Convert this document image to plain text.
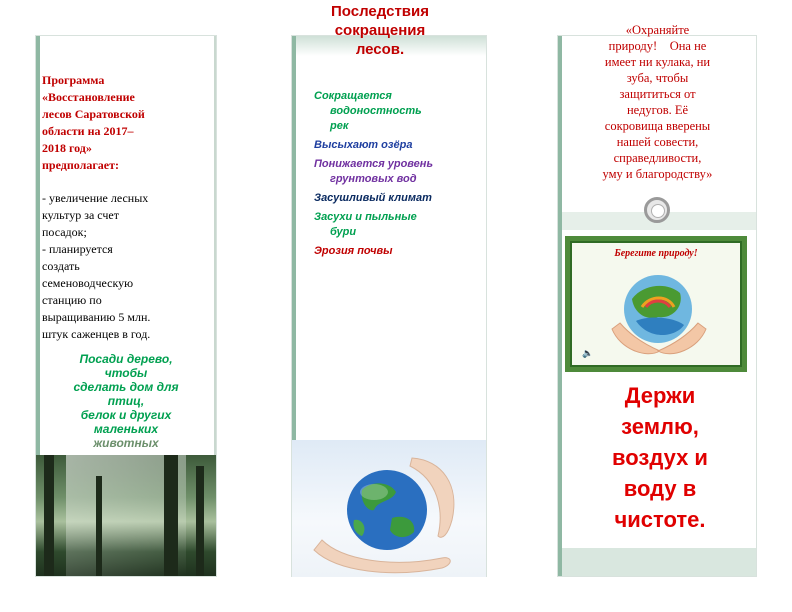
Программа
«Восстановление
лесов Саратовской
области на 2017–
2018 год»
предполагает:
- увеличение лесных
культур за счет
посадок;
- планируется
создать
семеноводческую
станцию по
выращиванию 5 млн.
штук саженцев в год.
Посади дерево,
чтобы
сделать дом для
птиц,
белок и других
маленьких
животных
Последствия
сокращения
лесов.
Сокращается
водоностность
рек
Высыхают озёра
Понижается уровень
грунтовых вод
Засушливый климат
Засухи и пыльные
бури
Эрозия почвы
«Охраняйте
природу!    Она не
имеет ни кулака, ни
зуба, чтобы
защититься от
недугов. Её
сокровища вверены
нашей совести,
справедливости,
уму и благородству»
Берегите природу!
🔈
Держи
землю,
воздух и
воду в
чистоте.
